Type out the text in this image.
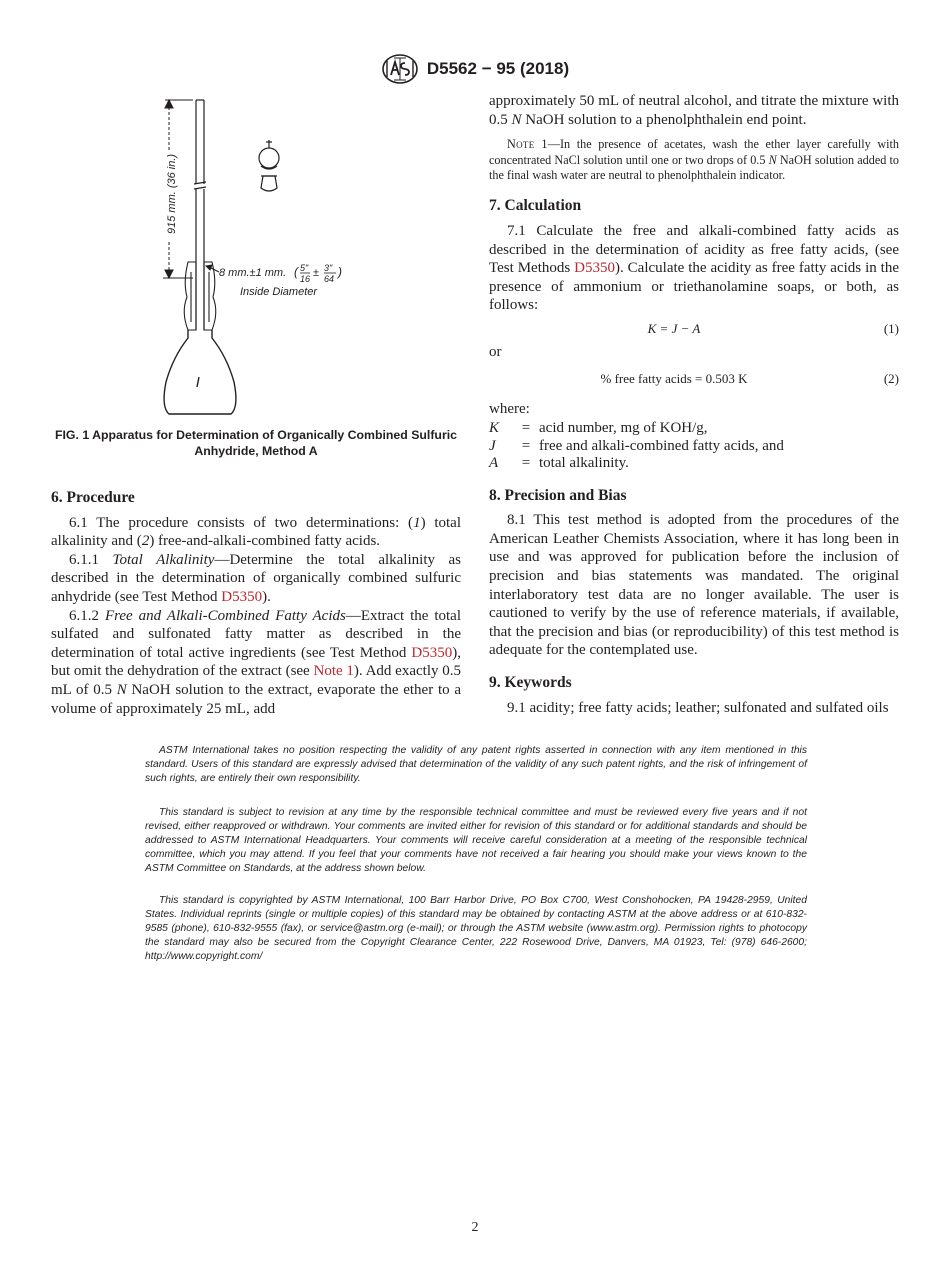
D5562 − 95 (2018)
915 mm. (36 in.)
8 mm.±1 mm. ( 5"
16 ± 3"
64 )
Inside Diameter
FIG. 1 Apparatus for Determination of Organically Combined Sulfuric Anhydride, Method A
6. Procedure

6.1 The procedure consists of two determinations: (1) total alkalinity and (2) free-and-alkali-combined fatty acids.

6.1.1 Total Alkalinity—Determine the total alkalinity as described in the determination of organically combined sulfuric anhydride (see Test Method D5350).

6.1.2 Free and Alkali-Combined Fatty Acids—Extract the total sulfated and sulfonated fatty matter as described in the determination of total active ingredients (see Test Method D5350), but omit the dehydration of the extract (see Note 1). Add exactly 0.5 mL of 0.5 N NaOH solution to the extract, evaporate the ether to a volume of approximately 25 mL, add

approximately 50 mL of neutral alcohol, and titrate the mixture with 0.5 N NaOH solution to a phenolphthalein end point.

Note 1—In the presence of acetates, wash the ether layer carefully with concentrated NaCl solution until one or two drops of 0.5 N NaOH solution added to the final wash water are neutral to phenolphthalein indicator.

7. Calculation

7.1 Calculate the free and alkali-combined fatty acids as described in the determination of acidity as free fatty acids, (see Test Methods D5350). Calculate the acidity as free fatty acids in the presence of ammonium or triethanolamine soaps, or both, as follows:

K = J − A	(1)

or

% free fatty acids = 0.503 K	(2)

where:

K	= acid number, mg of KOH/g,
J	= free and alkali-combined fatty acids, and
A	= total alkalinity.
8. Precision and Bias

8.1 This test method is adopted from the procedures of the American Leather Chemists Association, where it has long been in use and was approved for publication before the inclusion of precision and bias statements was mandated. The original interlaboratory test data are no longer available. The user is cautioned to verify by the use of reference materials, if available, that the precision and bias (or reproducibility) of this test method is adequate for the contemplated use.

9. Keywords

9.1 acidity; free fatty acids; leather; sulfonated and sulfated oils

ASTM International takes no position respecting the validity of any patent rights asserted in connection with any item mentioned in this standard. Users of this standard are expressly advised that determination of the validity of any such patent rights, and the risk of infringement of such rights, are entirely their own responsibility.

This standard is subject to revision at any time by the responsible technical committee and must be reviewed every five years and if not revised, either reapproved or withdrawn. Your comments are invited either for revision of this standard or for additional standards and should be addressed to ASTM International Headquarters. Your comments will receive careful consideration at a meeting of the responsible technical committee, which you may attend. If you feel that your comments have not received a fair hearing you should make your views known to the ASTM Committee on Standards, at the address shown below.

This standard is copyrighted by ASTM International, 100 Barr Harbor Drive, PO Box C700, West Conshohocken, PA 19428-2959, United States. Individual reprints (single or multiple copies) of this standard may be obtained by contacting ASTM at the above address or at 610-832-9585 (phone), 610-832-9555 (fax), or service@astm.org (e-mail); or through the ASTM website (www.astm.org). Permission rights to photocopy the standard may also be secured from the Copyright Clearance Center, 222 Rosewood Drive, Danvers, MA 01923, Tel: (978) 646-2600; http://www.copyright.com/

2
